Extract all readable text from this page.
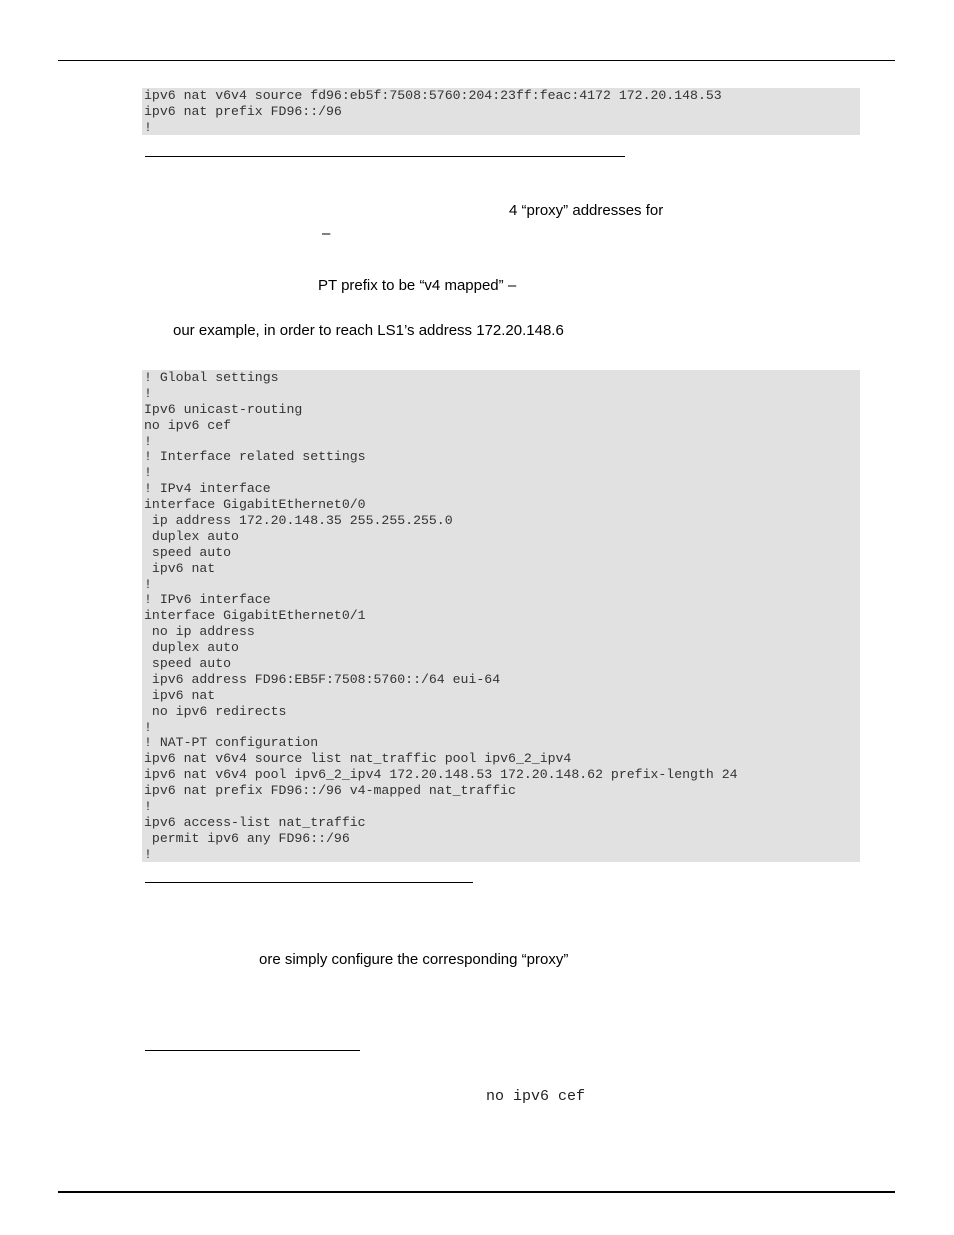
ipv6 nat v6v4 source fd96:eb5f:7508:5760:204:23ff:feac:4172 172.20.148.53
ipv6 nat prefix FD96::/96
!
4 “proxy” addresses for
–
PT prefix to be “v4 mapped” –
our example, in order to reach LS1’s address 172.20.148.6
! Global settings
!
Ipv6 unicast-routing
no ipv6 cef
!
! Interface related settings
!
! IPv4 interface
interface GigabitEthernet0/0
ip address 172.20.148.35 255.255.255.0
duplex auto
speed auto
ipv6 nat
!
! IPv6 interface
interface GigabitEthernet0/1
no ip address
duplex auto
speed auto
ipv6 address FD96:EB5F:7508:5760::/64 eui-64
ipv6 nat
no ipv6 redirects
!
! NAT-PT configuration
ipv6 nat v6v4 source list nat_traffic pool ipv6_2_ipv4
ipv6 nat v6v4 pool ipv6_2_ipv4 172.20.148.53 172.20.148.62 prefix-length 24
ipv6 nat prefix FD96::/96 v4-mapped nat_traffic
!
ipv6 access-list nat_traffic
permit ipv6 any FD96::/96
!
ore simply configure the corresponding “proxy”
no ipv6 cef
